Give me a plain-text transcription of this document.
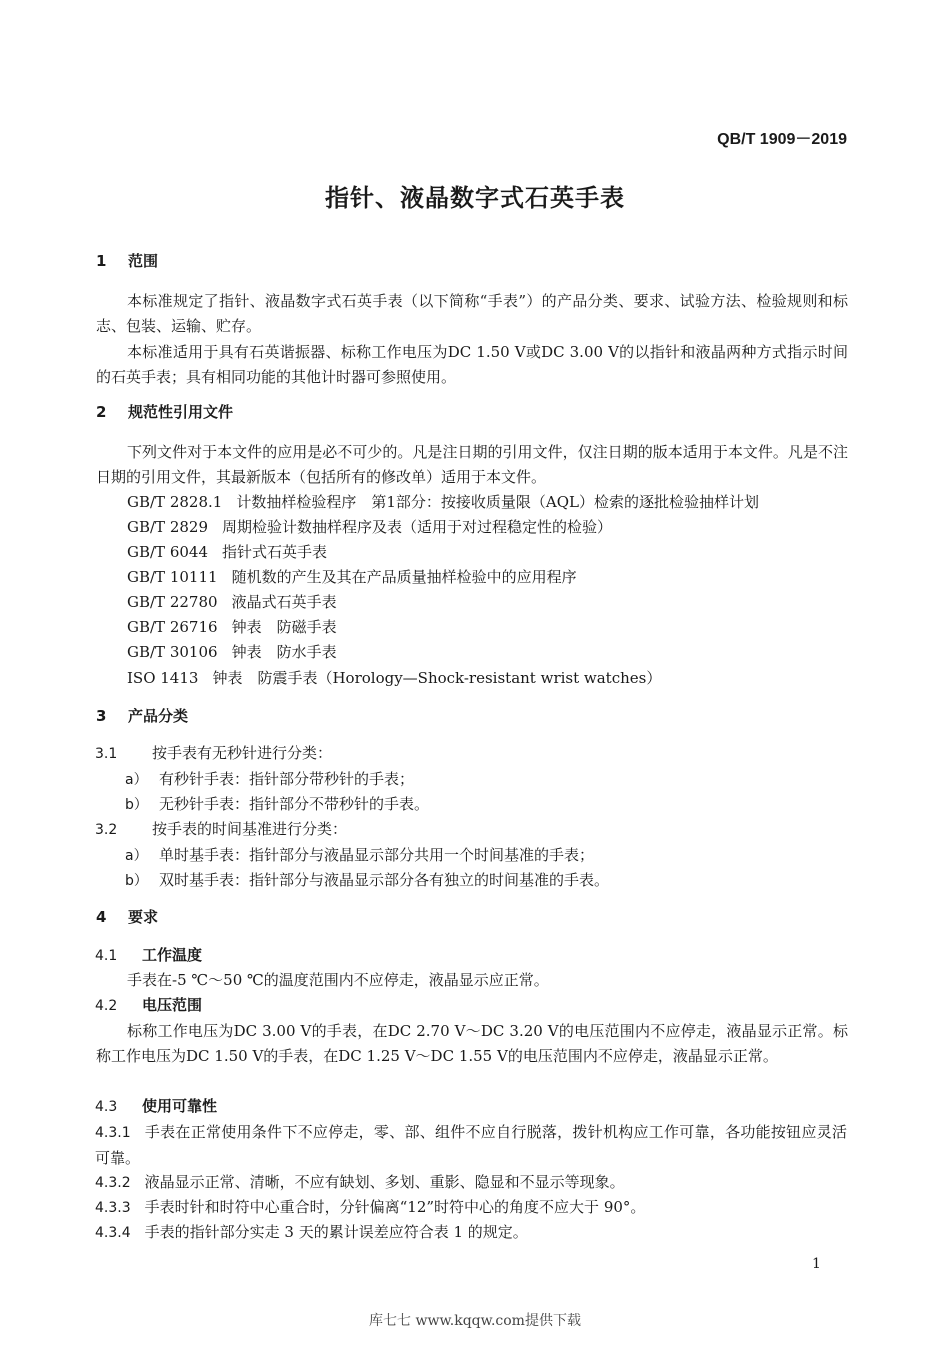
QB/T 1909－2019
指针、液晶数字式石英手表
1 范围
本标准规定了指针、液晶数字式石英手表（以下简称“手表”）的产品分类、要求、试验方法、检验规则和标志、包装、运输、贮存。
本标准适用于具有石英谐振器、标称工作电压为DC 1.50 V或DC 3.00 V的以指针和液晶两种方式指示时间的石英手表；具有相同功能的其他计时器可参照使用。
2 规范性引用文件
下列文件对于本文件的应用是必不可少的。凡是注日期的引用文件，仅注日期的版本适用于本文件。凡是不注日期的引用文件，其最新版本（包括所有的修改单）适用于本文件。
GB/T 2828.1 计数抽样检验程序　第1部分：按接收质量限（AQL）检索的逐批检验抽样计划
GB/T 2829 周期检验计数抽样程序及表（适用于对过程稳定性的检验）
GB/T 6044 指针式石英手表
GB/T 10111 随机数的产生及其在产品质量抽样检验中的应用程序
GB/T 22780 液晶式石英手表
GB/T 26716 钟表　防磁手表
GB/T 30106 钟表　防水手表
ISO 1413 钟表　防震手表（Horology—Shock-resistant wrist watches）
3 产品分类
3.1 按手表有无秒针进行分类：
a） 有秒针手表：指针部分带秒针的手表；
b） 无秒针手表：指针部分不带秒针的手表。
3.2 按手表的时间基准进行分类：
a） 单时基手表：指针部分与液晶显示部分共用一个时间基准的手表；
b） 双时基手表：指针部分与液晶显示部分各有独立的时间基准的手表。
4 要求
4.1 工作温度
手表在-5 ℃～50 ℃的温度范围内不应停走，液晶显示应正常。
4.2 电压范围
标称工作电压为DC 3.00 V的手表，在DC 2.70 V～DC 3.20 V的电压范围内不应停走，液晶显示正常。标称工作电压为DC 1.50 V的手表，在DC 1.25 V～DC 1.55 V的电压范围内不应停走，液晶显示正常。
4.3 使用可靠性
4.3.1 手表在正常使用条件下不应停走，零、部、组件不应自行脱落，拨针机构应工作可靠，各功能按钮应灵活可靠。
4.3.2 液晶显示正常、清晰，不应有缺划、多划、重影、隐显和不显示等现象。
4.3.3 手表时针和时符中心重合时，分针偏离“12”时符中心的角度不应大于 90°。
4.3.4 手表的指针部分实走 3 天的累计误差应符合表 1 的规定。
1
库七七 www.kqqw.com提供下载
